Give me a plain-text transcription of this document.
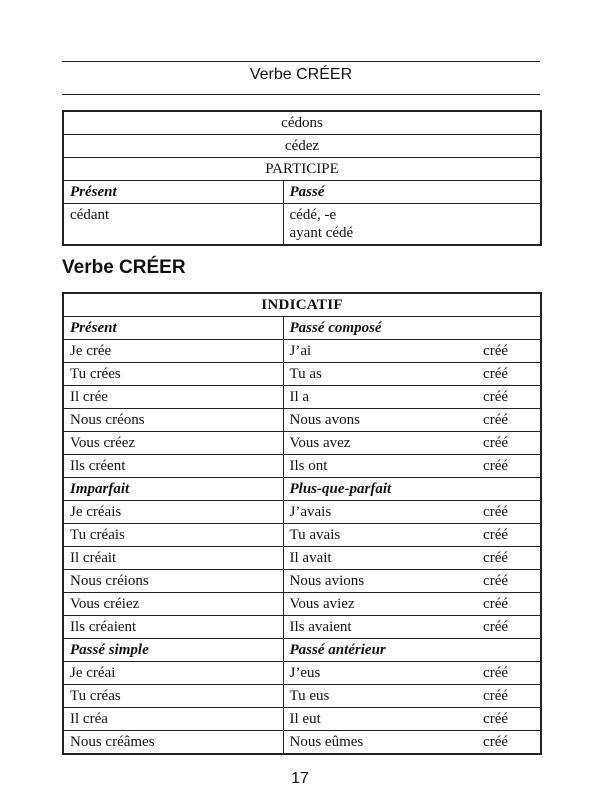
Verbe CRÉER
cédons	
cédez	
PARTICIPE	
Présent	Passé
cédant	cédé, -e
ayant cédé
Verbe CRÉER
INDICATIF	
Présent	Passé composé
Je crée	J’ai créé

Tu crées	Tu as créé

Il crée	Il a créé

Nous créons	Nous avons créé

Vous créez	Vous avez créé

Ils créent	Ils ont créé

Imparfait	Plus-que-parfait
Je créais	J’avais créé

Tu créais	Tu avais créé

Il créait	Il avait créé

Nous créions	Nous avions créé

Vous créiez	Vous aviez créé

Ils créaient	Ils avaient créé

Passé simple	Passé antérieur
Je créai	J’eus créé

Tu créas	Tu eus créé

Il créa	Il eut créé

Nous créâmes	Nous eûmes créé
17
